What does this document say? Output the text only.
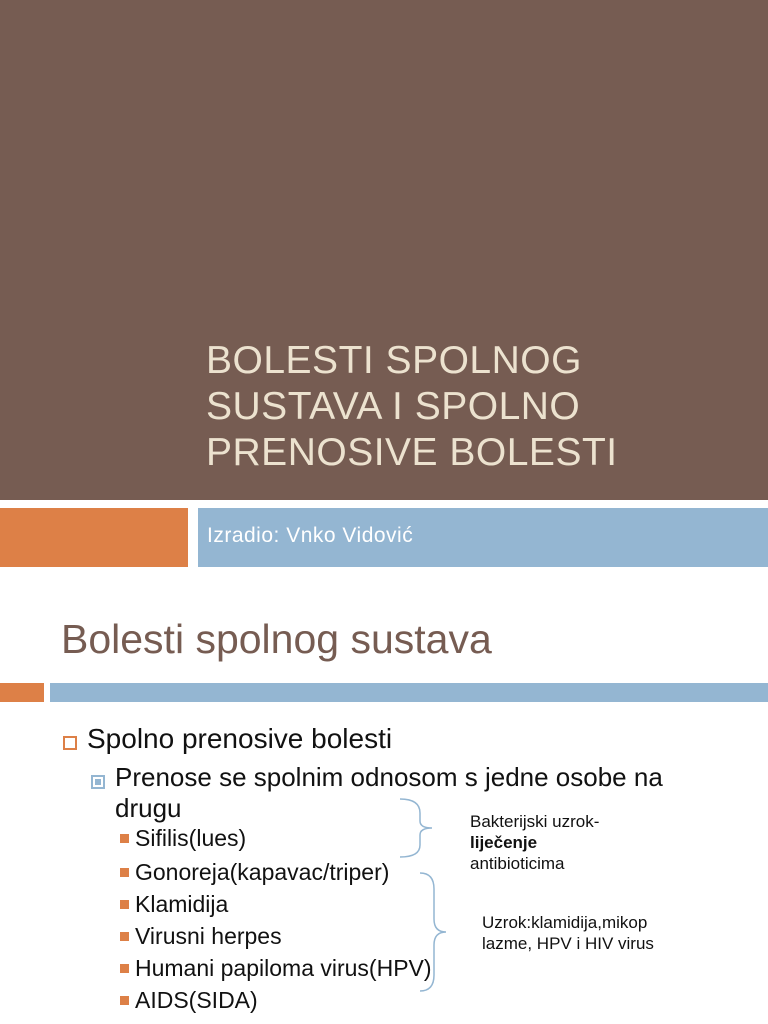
BOLESTI SPOLNOG
SUSTAVA I SPOLNO
PRENOSIVE BOLESTI
Izradio: Vnko Vidović
Bolesti spolnog sustava
Spolno prenosive bolesti
Prenose se spolnim odnosom s jedne osobe na drugu
Sifilis(lues)
Gonoreja(kapavac/triper)
Klamidija
Virusni herpes
Humani papiloma virus(HPV)
AIDS(SIDA)
Bakterijski uzrok-
liječenje
antibioticima
Uzrok:klamidija,mikop lazme, HPV i HIV virus
